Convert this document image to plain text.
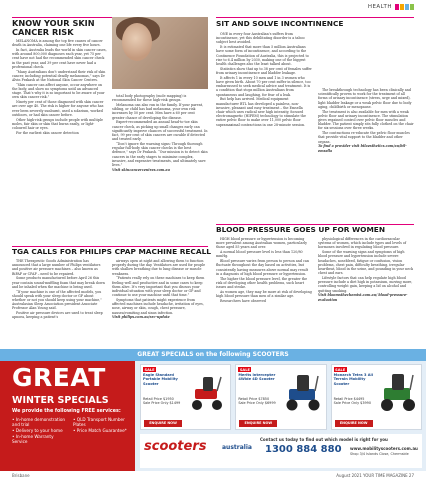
HEALTH
KNOW YOUR SKIN
CANCER RISK

MELANOMA is among the top five causes of cancer death in Australia, claiming one life every five hours.

In fact, Australia leads the world in skin cancer cases, with around 800,000 diagnoses each year, yet 75 per cent have not had the recommended skin cancer check in the past year, and 39 per cent have never had a professional check.

“Many Australians don’t understand their risk of skin cancer, including potential deadly melanomas,” says Dr Alvin Prakash at the National Skin Cancer Centres.

“Skin cancer can affect anyone, occur anywhere on the body, and show no symptoms until an advanced stage. That’s why it is so important to be aware of your own skin cancer risk.”

Ninety per cent of those diagnosed with skin cancer are over age 40. The risk is higher for anyone who has ever been severely sunburnt, used a solarium, worked outdoors, or had skin cancer before.

Other high-risk groups include people with multiple moles, fair skin or skin that burns easily, or light-coloured hair or eyes.

For the earliest skin cancer detection

total body photography (mole mapping) is recommended for these high-risk groups.

Melanoma can also run in the family. If your parent, sibling, or child has had melanoma, your own risk increases by 50 per cent. Men have a 60 per cent greater chance of developing the disease.

Expert-recommended an annual head-to-toe skin cancer check, as picking up small changes early can significantly improve chances of successful treatment. In fact, 99 per cent of skin cancers are curable if detected and treated early.

“Don’t ignore the warning signs: Through thorough regular full-body skin cancer checks is the best defence,” says Dr Prakash. “Our mission is to detect skin cancers in the early stages to minimise complex, invasive, and expensive treatments, and ultimately save lives.”

Visit skincancercentres.com.au

SIT AND SOLVE INCONTINENCE

ONE in every four Australian’s suffers from incontinence, yet this debilitating disorder is a taboo subject best avoided.

It is estimated that more than 5 million Australians have some form of incontinence, and according to the Continence Foundation of Australia, this is projected to rise to 6.4 million by 2030, making one of the biggest health challenges also the least talked about.

Statistics show that up to 38 per cent of females suffer from urinary incontinence and bladder leakage.

It affects 1 in every 10 men and 1 in 3 women who have given birth. About 70 per cent suffer in silence, too embarrassed to seek medical advice and treatment. It is a condition that stops million Australians from spontaneous and laughing, for fear of a leak.

But help has arrived. Medical equipment manufacturer BTL has developed a painless, non-invasive, pleasant and easy treatment – the Emsella chair which uses radical new high intensity, focused electromagnetic (HIFEM) technology to stimulate the entire pelvic floor to make over 11,000 pelvic floor supramaximal contractions in one 28-minute session.

The breakthrough technology has been clinically and scientifically proven to work for the treatment of all forms of urinary incontinence (stress, urge and mixed), light bladder leakage or a weak pelvic floor due to body aging, childbirth or menopause.

The treatment is also available for men with a weak pelvic floor and urinary incontinence. The stimulation gives regained control over pelvic floor muscles and bladder. The patient simply sits fully clothed on the chair for six sessions over three weeks.

The contractions re-educate the pelvic floor muscles that provide vital support to the bladder and other organs.

To find a provider visit btlaesthetics.com/au/btl-emsella

TGA CALLS FOR PHILIPS CPAP MACHINE RECALL

THE Therapeutic Goods Administration has announced that a large number of Philips ventilators and positive air pressure machines – also known as BiPAP or CPAP – need to be repaired.

Some products manufactured before April 26 this year contain sound-muffling foam that may break down and be inhaled when the machine is being used.

“If your machine is one of the affected models, you should speak with your sleep doctor or GP about whether or not you should keep using your machine,” Australasian Sleep Association president Associate Professor Alan Young said.

Positive air pressure devices are used to treat sleep apnoea, keeping a patient’s

airways open at night and allowing them to function properly during the day. Ventilators are used for people with shallow breathing due to lung disease or muscle weakness.

“Patients really rely on these machines to keep them feeling well and productive and in some cases to keep them alive. It’s very important that you discuss your individual situation with your sleep doctor or GP and continue to use your machine until that time.”

Symptoms that patients might experience from affected machines include headache, irritation of eyes, nose, airway or skin, cough, chest pressure, nausea/vomiting and sinus infection.

Visit philips.com.au/src-update

BLOOD PRESSURE GOES UP FOR WOMEN

HIGH blood pressure or hypertension is becoming more prevalent among Australian women, particularly those aged 55 years and over.

A normal blood pressure level is less than 120/80 mmHg.

Blood pressure varies from person to person and can fluctuate throughout the day based on activities, but consistently having measures above normal may result in a diagnosis of high blood pressure or hypertension.

The higher the blood pressure level, the greater the risk of developing other health problems, such heart issues and stroke.

As women age, they may be more at risk of developing high blood pressure than men of a similar age.

Researchers have observed

physiological differences in the cardiovascular systems of women, which include types and levels of hormones involved in regulating blood pressure.

Some of the warning signs and symptoms of high blood pressure and hypertension include severe headaches, nosebleed, fatigue or confusion, vision problems, chest pain, difficulty breathing, irregular heartbeat, blood in the urine, and pounding in your neck chest and ears.

Lifestyle factors that can help regulate high blood pressure include a diet high in potassium, moving more, controlling weight gain, keeping a lid on alcohol and quitting smoking.

Visit bloomsthechemist.com.au/ blood-pressure-evaluation

GREAT SPECIALS on the following SCOOTERS
GREAT
WINTER SPECIALS
We provide the following FREE services:
• In-home demonstration and trial
• QLD Transport Number Plates
• Delivery to your home	• Price Match Guarantee*
• In-home Warranty Service
SALE
Eagle Standard Portable Mobility Scooter
Retail Price $1950
Sale Price Only $1499
ENQUIRE NOW
SALE
Merits Intercepter 4Wide 4D Scooter
Retail Price $7850
Sale Price Only $6999
ENQUIRE NOW
SALE
Monarch Tetra 3 All Terrain Mobility Scooter
Retail Price $4495
Sale Price Only $3990
ENQUIRE NOW
scooters	australia
Contact us today to find out which model is right for you
1300 884 880 www.mobilityscooters.com.au
Shop 3/4 Islands Close, Chermside
Brisbane	August 2021 YOUR TIME MAGAZINE 27
